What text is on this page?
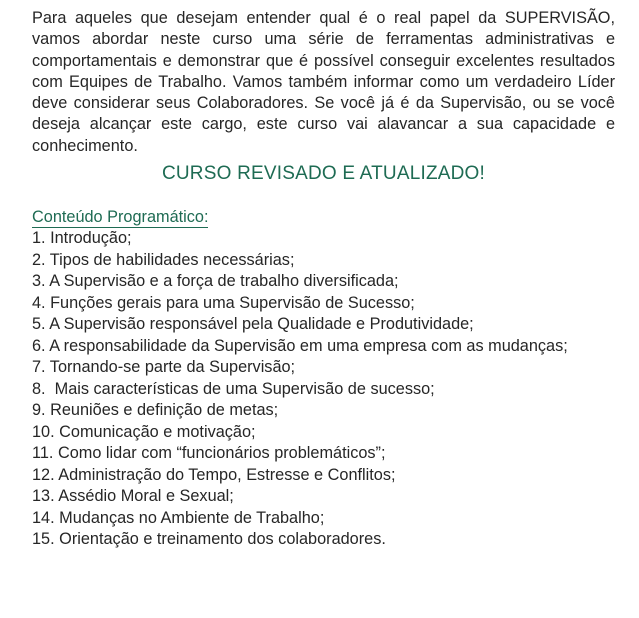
Para aqueles que desejam entender qual é o real papel da SUPERVISÃO, vamos abordar neste curso uma série de ferramentas administrativas e comportamentais e demonstrar que é possível conseguir excelentes resultados com Equipes de Trabalho. Vamos também informar como um verdadeiro Líder deve considerar seus Colaboradores. Se você já é da Supervisão, ou se você deseja alcançar este cargo, este curso vai alavancar a sua capacidade e conhecimento.

CURSO REVISADO E ATUALIZADO!
Conteúdo Programático:
1. Introdução;
2. Tipos de habilidades necessárias;
3. A Supervisão e a força de trabalho diversificada;
4. Funções gerais para uma Supervisão de Sucesso;
5. A Supervisão responsável pela Qualidade e Produtividade;
6. A responsabilidade da Supervisão em uma empresa com as mudanças;
7. Tornando-se parte da Supervisão;
8.  Mais características de uma Supervisão de sucesso;
9. Reuniões e definição de metas;
10. Comunicação e motivação;
11. Como lidar com “funcionários problemáticos”;
12. Administração do Tempo, Estresse e Conflitos;
13. Assédio Moral e Sexual;
14. Mudanças no Ambiente de Trabalho;
15. Orientação e treinamento dos colaboradores.
